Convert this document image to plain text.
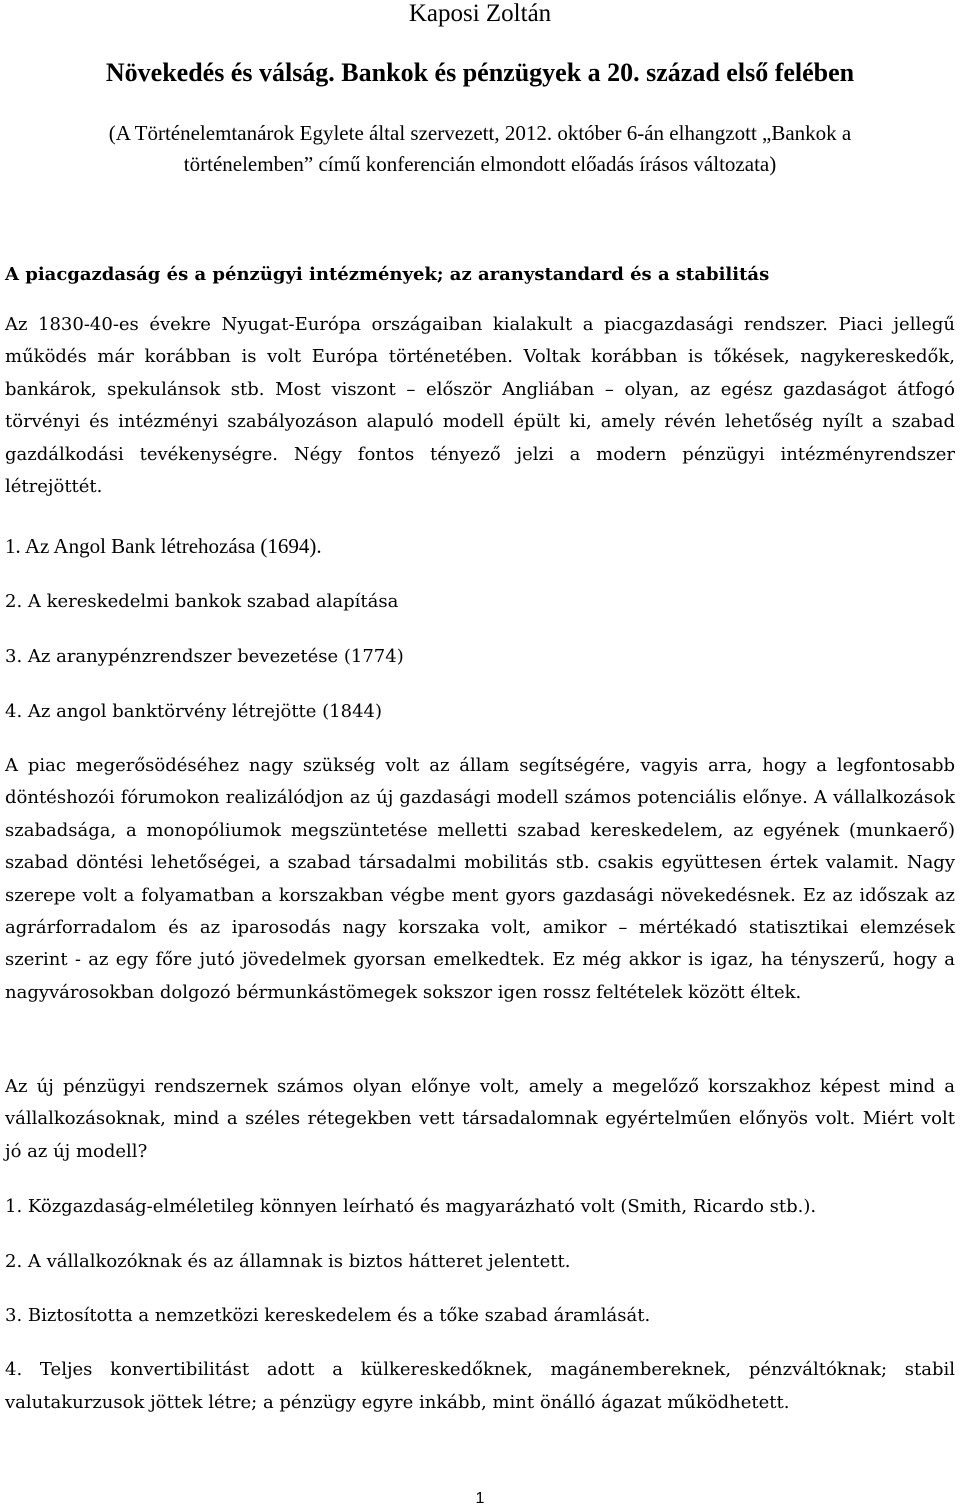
Kaposi Zoltán
Növekedés és válság. Bankok és pénzügyek a 20. század első felében
(A Történelemtanárok Egylete által szervezett, 2012. október 6-án elhangzott „Bankok a történelemben” című konferencián elmondott előadás írásos változata)
A piacgazdaság és a pénzügyi intézmények; az aranystandard és a stabilitás

Az 1830-40-es évekre Nyugat-Európa országaiban kialakult a piacgazdasági rendszer. Piaci jellegű működés már korábban is volt Európa történetében. Voltak korábban is tőkések, nagykereskedők, bankárok, spekulánsok stb. Most viszont – először Angliában – olyan, az egész gazdaságot átfogó törvényi és intézményi szabályozáson alapuló modell épült ki, amely révén lehetőség nyílt a szabad gazdálkodási tevékenységre. Négy fontos tényező jelzi a modern pénzügyi intézményrendszer létrejöttét.

1. Az Angol Bank létrehozása (1694).
2. A kereskedelmi bankok szabad alapítása
3. Az aranypénzrendszer bevezetése (1774)
4. Az angol banktörvény létrejötte (1844)

A piac megerősödéséhez nagy szükség volt az állam segítségére, vagyis arra, hogy a legfontosabb döntéshozói fórumokon realizálódjon az új gazdasági modell számos potenciális előnye. A vállalkozások szabadsága, a monopóliumok megszüntetése melletti szabad kereskedelem, az egyének (munkaerő) szabad döntési lehetőségei, a szabad társadalmi mobilitás stb. csakis együttesen értek valamit. Nagy szerepe volt a folyamatban a korszakban végbe ment gyors gazdasági növekedésnek. Ez az időszak az agrárforradalom és az iparosodás nagy korszaka volt, amikor – mértékadó statisztikai elemzések szerint - az egy főre jutó jövedelmek gyorsan emelkedtek. Ez még akkor is igaz, ha tényszerű, hogy a nagyvárosokban dolgozó bérmunkástömegek sokszor igen rossz feltételek között éltek.

Az új pénzügyi rendszernek számos olyan előnye volt, amely a megelőző korszakhoz képest mind a vállalkozásoknak, mind a széles rétegekben vett társadalomnak egyértelműen előnyös volt. Miért volt jó az új modell?

1. Közgazdaság-elméletileg könnyen leírható és magyarázható volt (Smith, Ricardo stb.).
2. A vállalkozóknak és az államnak is biztos hátteret jelentett.
3. Biztosította a nemzetközi kereskedelem és a tőke szabad áramlását.
4. Teljes konvertibilitást adott a külkereskedőknek, magánembereknek, pénzváltóknak; stabil valutakurzusok jöttek létre; a pénzügy egyre inkább, mint önálló ágazat működhetett.
1
